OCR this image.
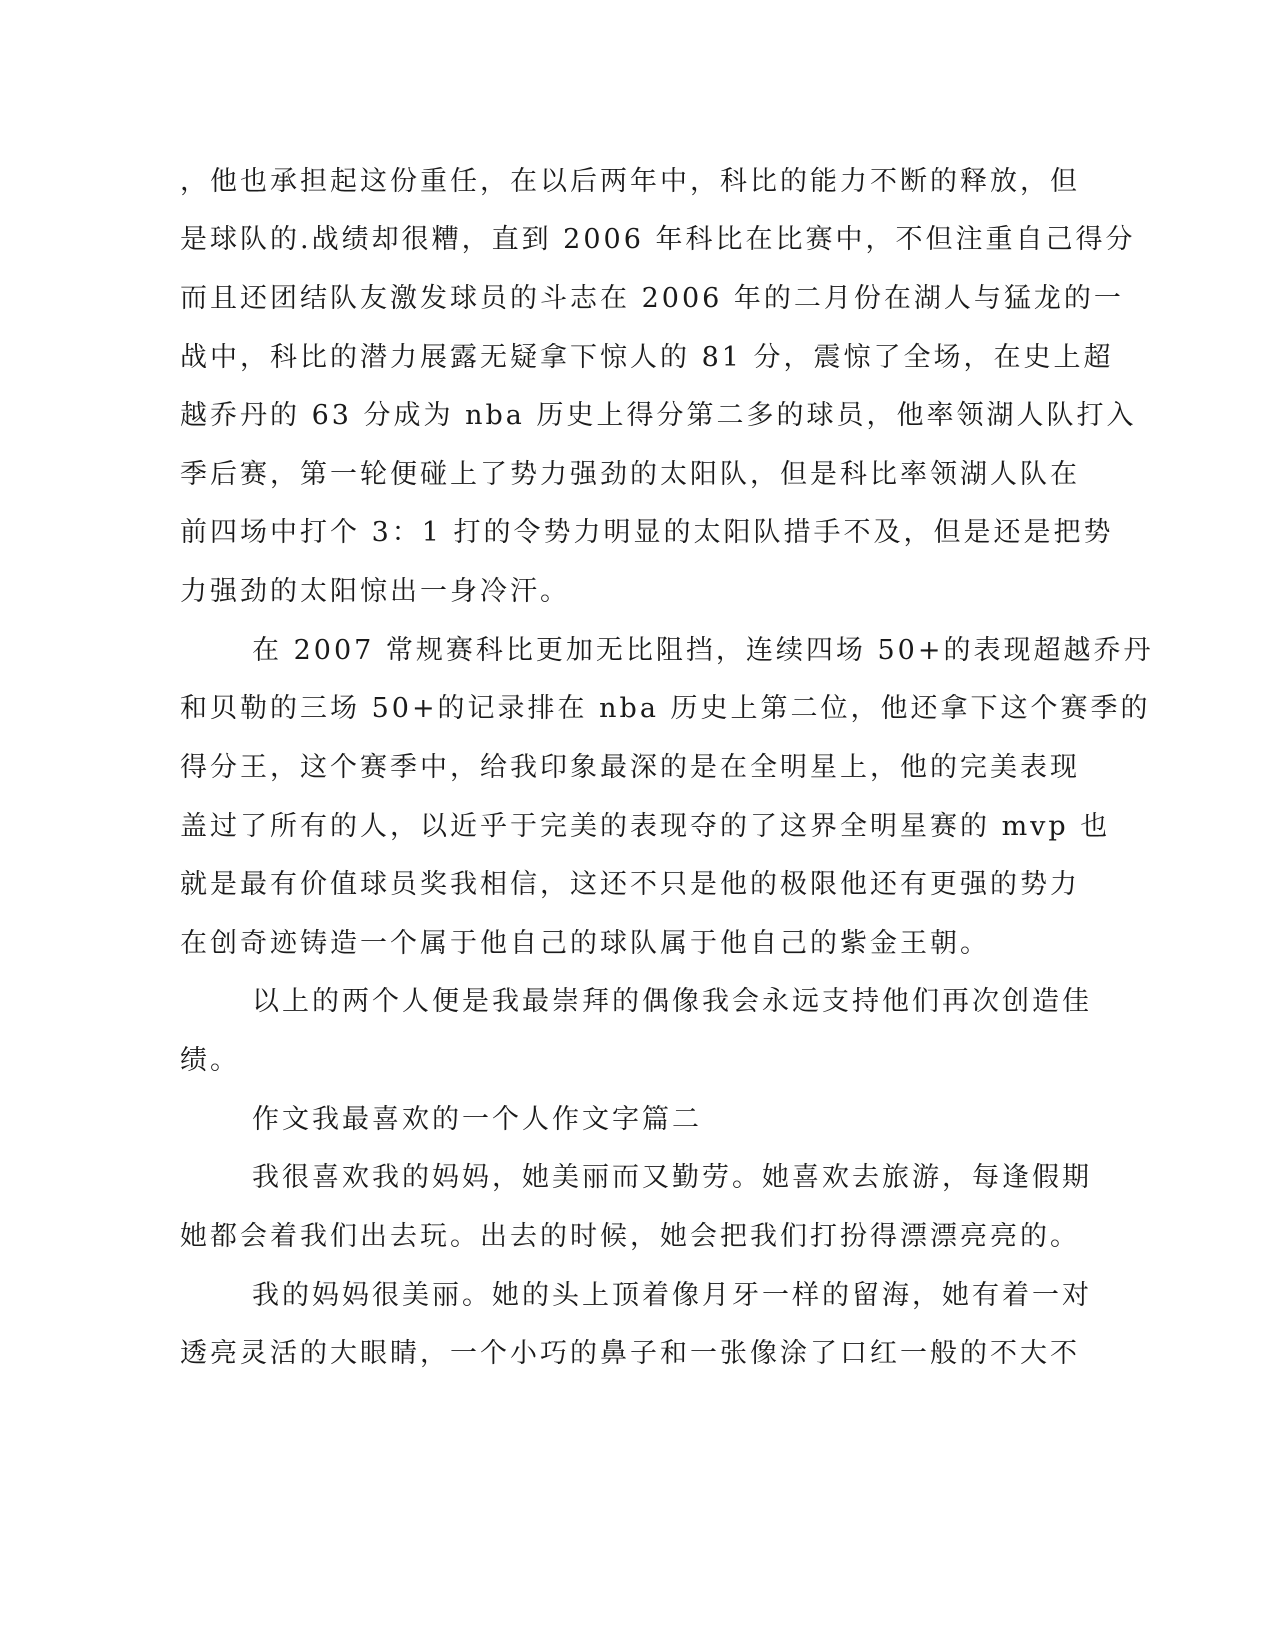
，他也承担起这份重任，在以后两年中，科比的能力不断的释放，但

是球队的.战绩却很糟，直到 2006 年科比在比赛中，不但注重自己得分

而且还团结队友激发球员的斗志在 2006 年的二月份在湖人与猛龙的一

战中，科比的潜力展露无疑拿下惊人的 81 分，震惊了全场，在史上超

越乔丹的 63 分成为 nba 历史上得分第二多的球员，他率领湖人队打入

季后赛，第一轮便碰上了势力强劲的太阳队，但是科比率领湖人队在

前四场中打个 3：1 打的令势力明显的太阳队措手不及，但是还是把势

力强劲的太阳惊出一身冷汗。

在 2007 常规赛科比更加无比阻挡，连续四场 50+的表现超越乔丹

和贝勒的三场 50+的记录排在 nba 历史上第二位，他还拿下这个赛季的

得分王，这个赛季中，给我印象最深的是在全明星上，他的完美表现

盖过了所有的人，以近乎于完美的表现夺的了这界全明星赛的 mvp 也

就是最有价值球员奖我相信，这还不只是他的极限他还有更强的势力

在创奇迹铸造一个属于他自己的球队属于他自己的紫金王朝。

以上的两个人便是我最崇拜的偶像我会永远支持他们再次创造佳

绩。

作文我最喜欢的一个人作文字篇二

我很喜欢我的妈妈，她美丽而又勤劳。她喜欢去旅游，每逢假期

她都会着我们出去玩。出去的时候，她会把我们打扮得漂漂亮亮的。

我的妈妈很美丽。她的头上顶着像月牙一样的留海，她有着一对

透亮灵活的大眼睛，一个小巧的鼻子和一张像涂了口红一般的不大不
